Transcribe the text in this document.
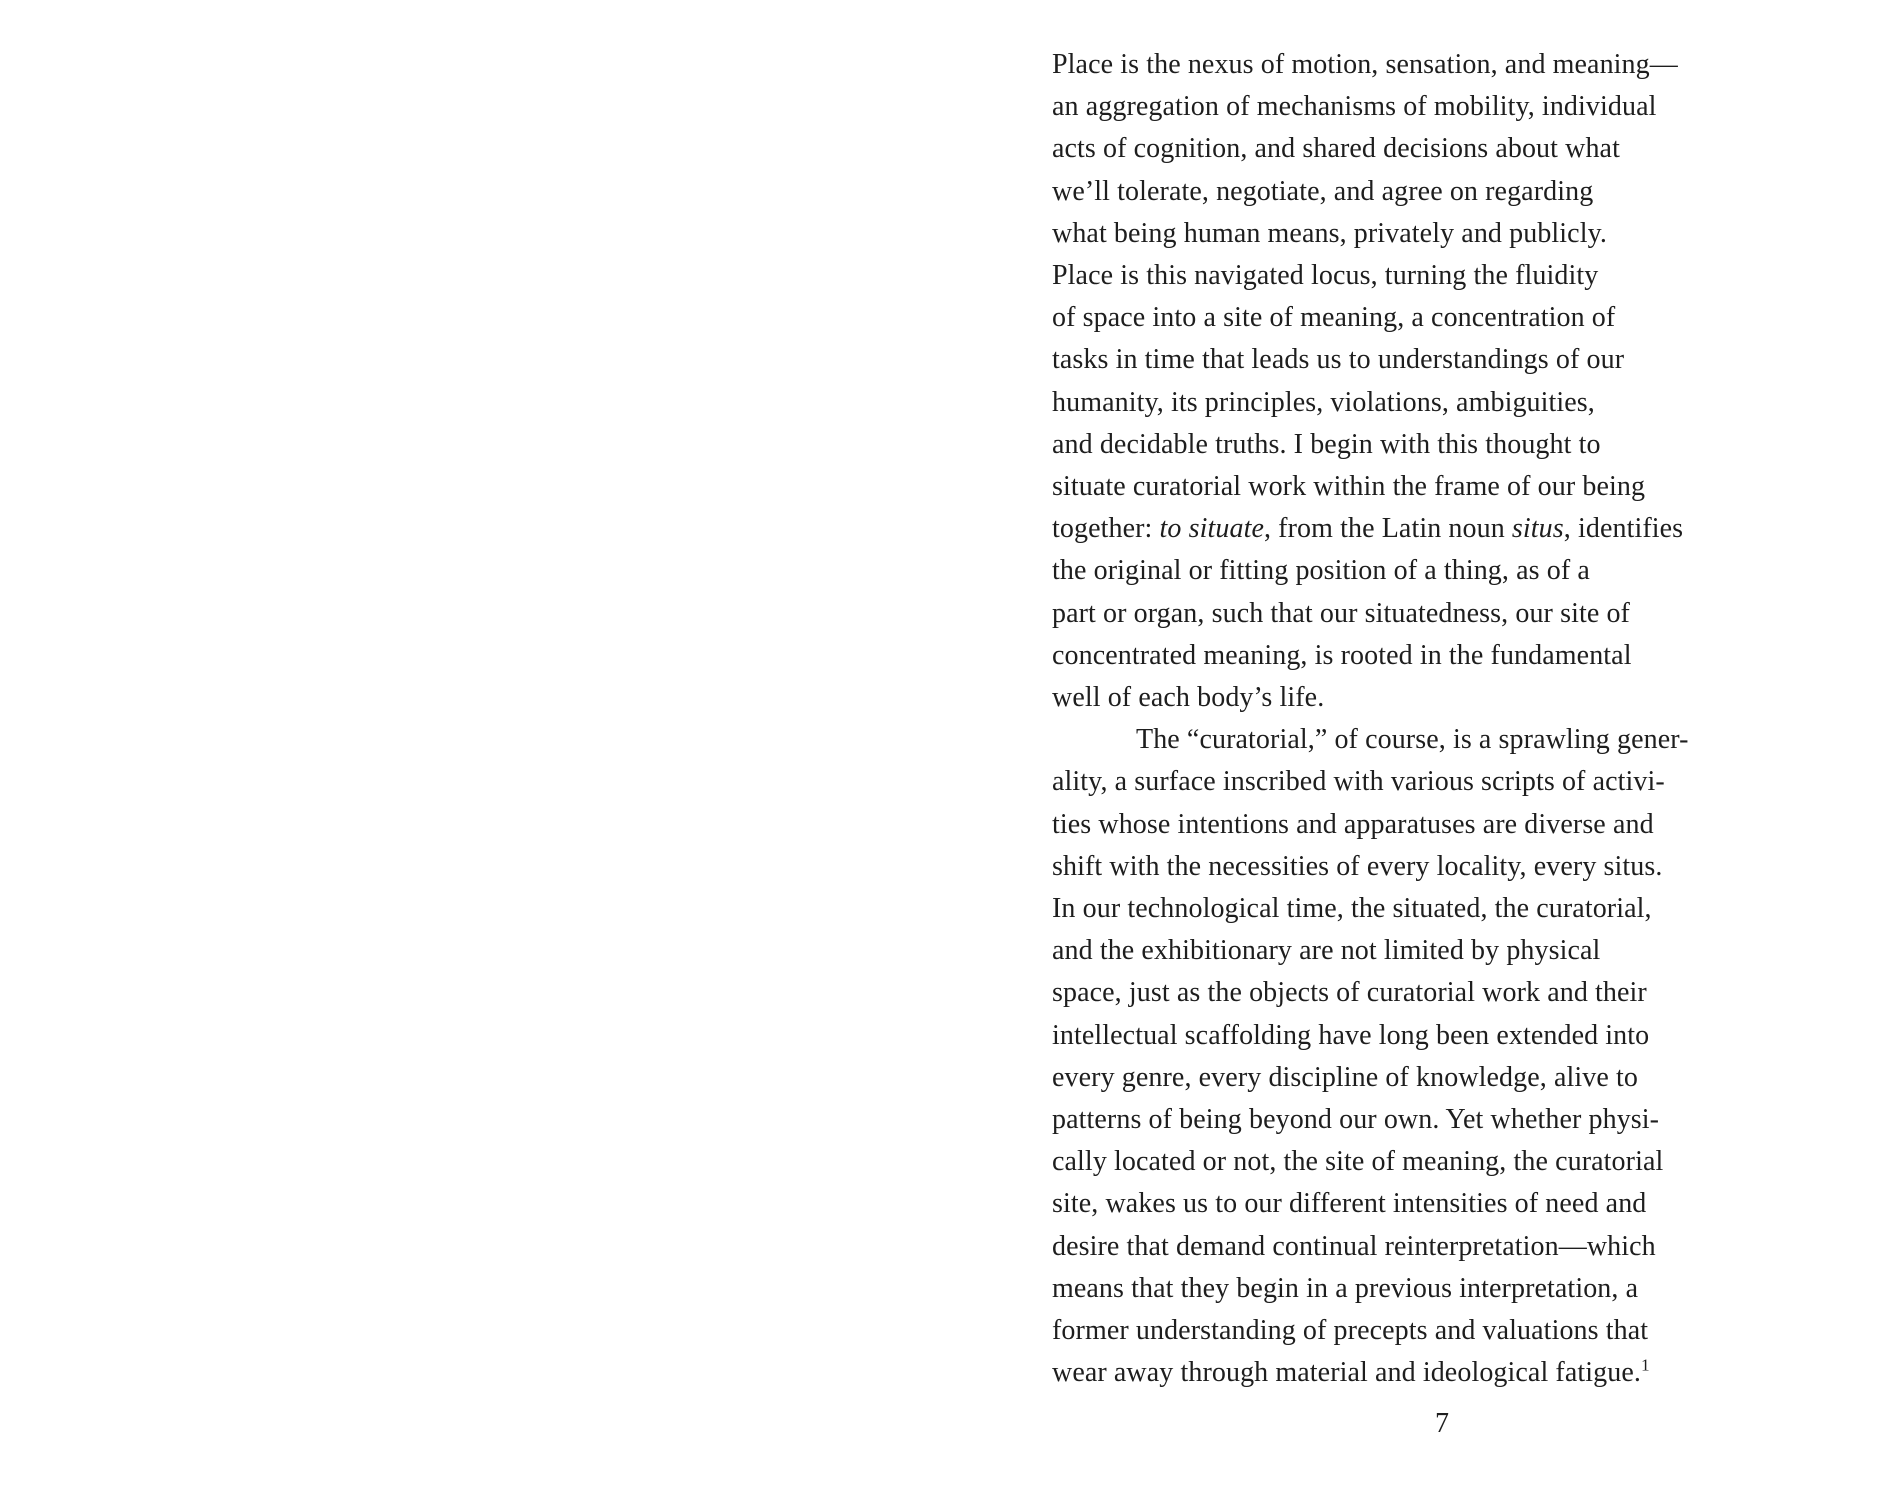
Place is the nexus of motion, sensation, and meaning—
an aggregation of mechanisms of mobility, individual
acts of cognition, and shared decisions about what
we’ll tolerate, negotiate, and agree on regarding
what being human means, privately and publicly.
Place is this navigated locus, turning the fluidity
of space into a site of meaning, a concentration of
tasks in time that leads us to understandings of our
humanity, its principles, violations, ambiguities,
and decidable truths. I begin with this thought to
situate curatorial work within the frame of our being
together: to situate, from the Latin noun situs, identifies
the original or fitting position of a thing, as of a
part or organ, such that our situatedness, our site of
concentrated meaning, is rooted in the fundamental
well of each body’s life.
The “curatorial,” of course, is a sprawling gener-
ality, a surface inscribed with various scripts of activi-
ties whose intentions and apparatuses are diverse and
shift with the necessities of every locality, every situs.
In our technological time, the situated, the curatorial,
and the exhibitionary are not limited by physical
space, just as the objects of curatorial work and their
intellectual scaffolding have long been extended into
every genre, every discipline of knowledge, alive to
patterns of being beyond our own. Yet whether physi-
cally located or not, the site of meaning, the curatorial
site, wakes us to our different intensities of need and
desire that demand continual reinterpretation—which
means that they begin in a previous interpretation, a
former understanding of precepts and valuations that
wear away through material and ideological fatigue.$^1$
7
